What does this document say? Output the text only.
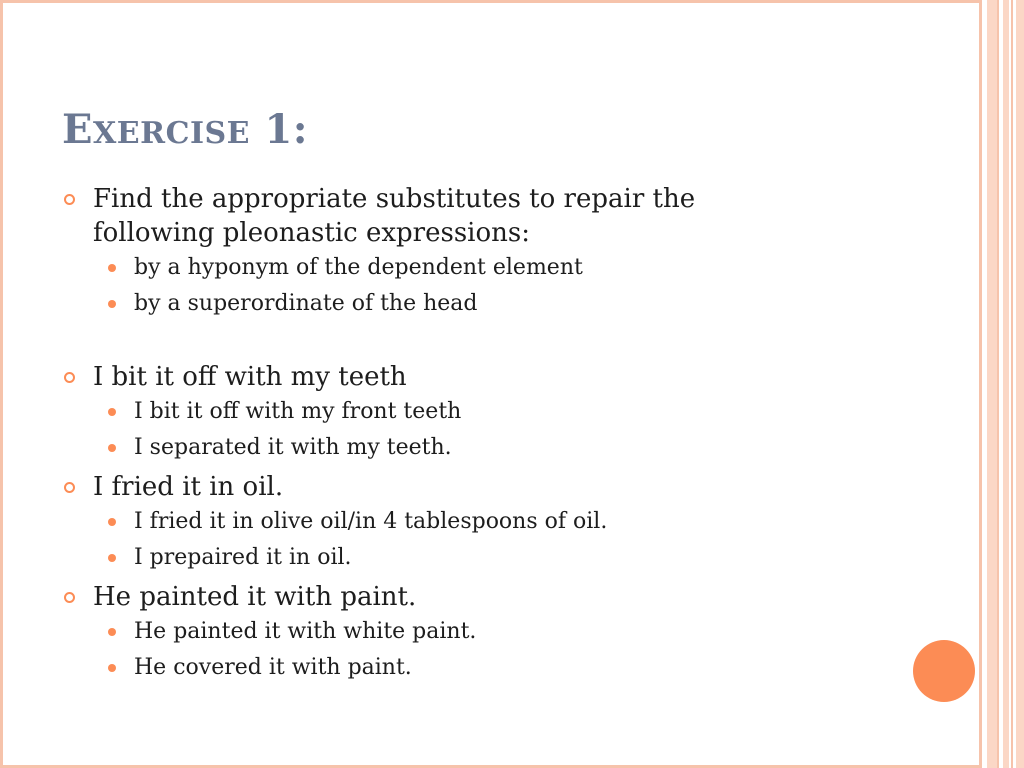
EXERCISE 1:

Find the appropriate substitutes to repair the
following pleonastic expressions:

by a hyponym of the dependent element

by a superordinate of the head

I bit it off with my teeth

I bit it off with my front teeth

I separated it with my teeth.

I fried it in oil.

I fried it in olive oil/in 4 tablespoons of oil.

I prepaired it in oil.

He painted it with paint.

He painted it with white paint.

He covered it with paint.
